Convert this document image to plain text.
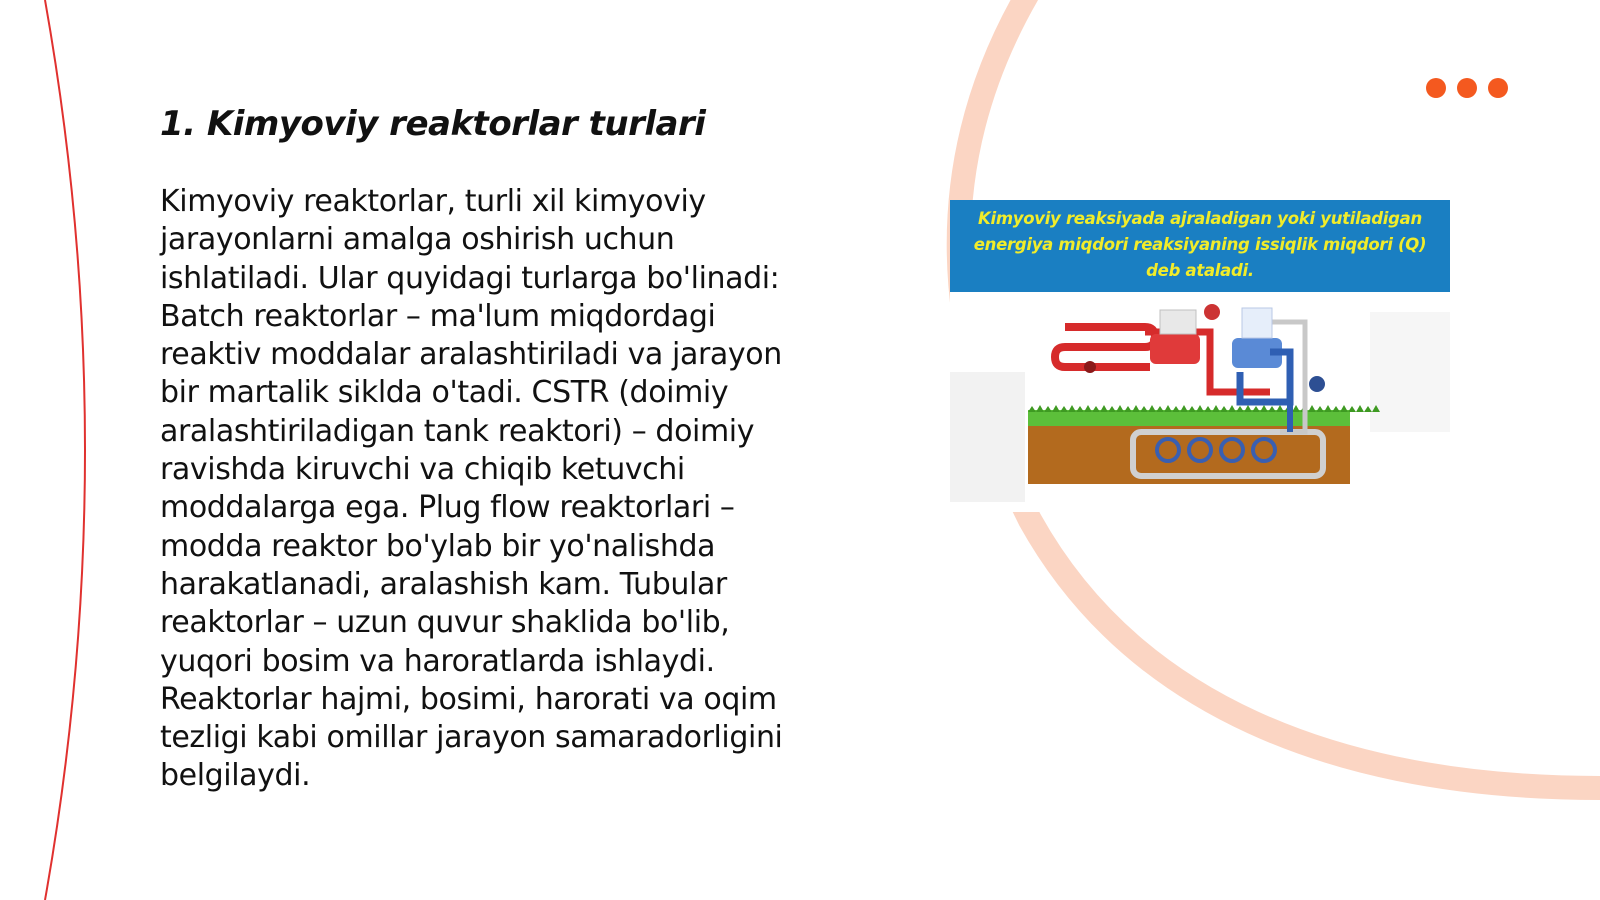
1. Kimyoviy reaktorlar turlari

Kimyoviy reaktorlar, turli xil kimyoviy jarayonlarni amalga oshirish uchun ishlatiladi. Ular quyidagi turlarga bo'linadi: Batch reaktorlar – ma'lum miqdordagi reaktiv moddalar aralashtiriladi va jarayon bir martalik siklda o'tadi. CSTR (doimiy aralashtiriladigan tank reaktori) – doimiy ravishda kiruvchi va chiqib ketuvchi moddalarga ega. Plug flow reaktorlari – modda reaktor bo'ylab bir yo'nalishda harakatlanadi, aralashish kam. Tubular reaktorlar – uzun quvur shaklida bo'lib, yuqori bosim va haroratlarda ishlaydi. Reaktorlar hajmi, bosimi, harorati va oqim tezligi kabi omillar jarayon samaradorligini belgilaydi.

Kimyoviy reaksiyada ajraladigan yoki yutiladigan energiya miqdori reaksiyaning issiqlik miqdori (Q) deb ataladi.
